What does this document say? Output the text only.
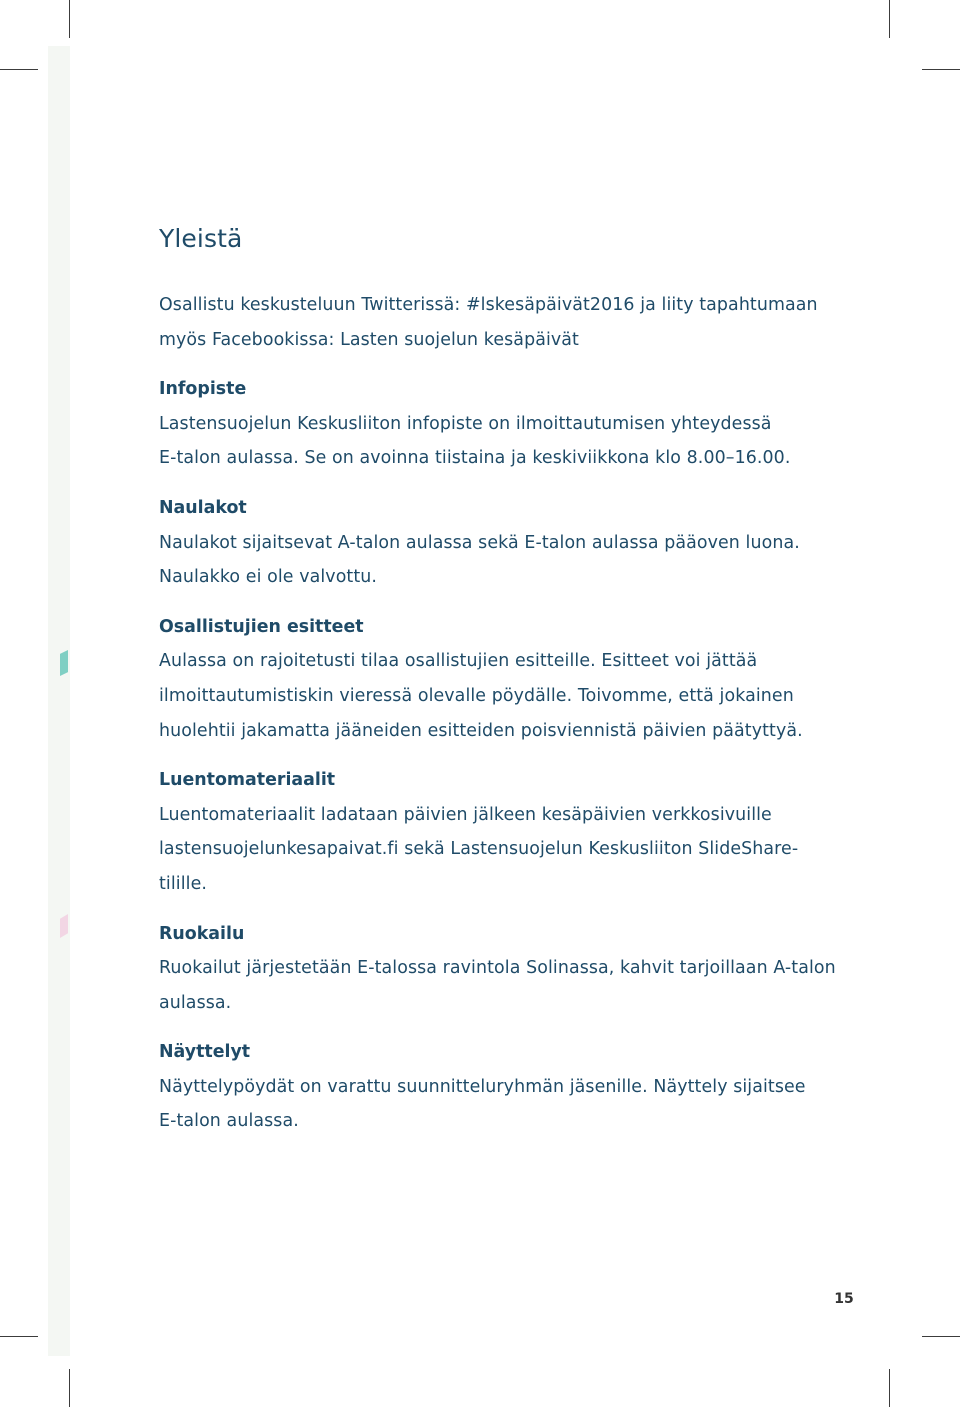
Yleistä

Osallistu keskusteluun Twitterissä: #lskesäpäivät2016 ja liity tapahtumaan

myös Facebookissa: Lasten suojelun kesäpäivät

Infopiste

Lastensuojelun Keskusliiton infopiste on ilmoittautumisen yhteydessä

E-talon aulassa. Se on avoinna tiistaina ja keskiviikkona klo 8.00–16.00.

Naulakot

Naulakot sijaitsevat A-talon aulassa sekä E-talon aulassa pääoven luona.

Naulakko ei ole valvottu.

Osallistujien esitteet

Aulassa on rajoitetusti tilaa osallistujien esitteille. Esitteet voi jättää

ilmoittautumistiskin vieressä olevalle pöydälle. Toivomme, että jokainen

huolehtii jakamatta jääneiden esitteiden poisviennistä päivien päätyttyä.

Luentomateriaalit

Luentomateriaalit ladataan päivien jälkeen kesäpäivien verkkosivuille

lastensuojelunkesapaivat.fi sekä Lastensuojelun Keskusliiton SlideShare-tilille.

Ruokailu

Ruokailut järjestetään E-talossa ravintola Solinassa, kahvit tarjoillaan A-talon

aulassa.

Näyttelyt

Näyttelypöydät on varattu suunnitteluryhmän jäsenille. Näyttely sijaitsee

E-talon aulassa.

15
